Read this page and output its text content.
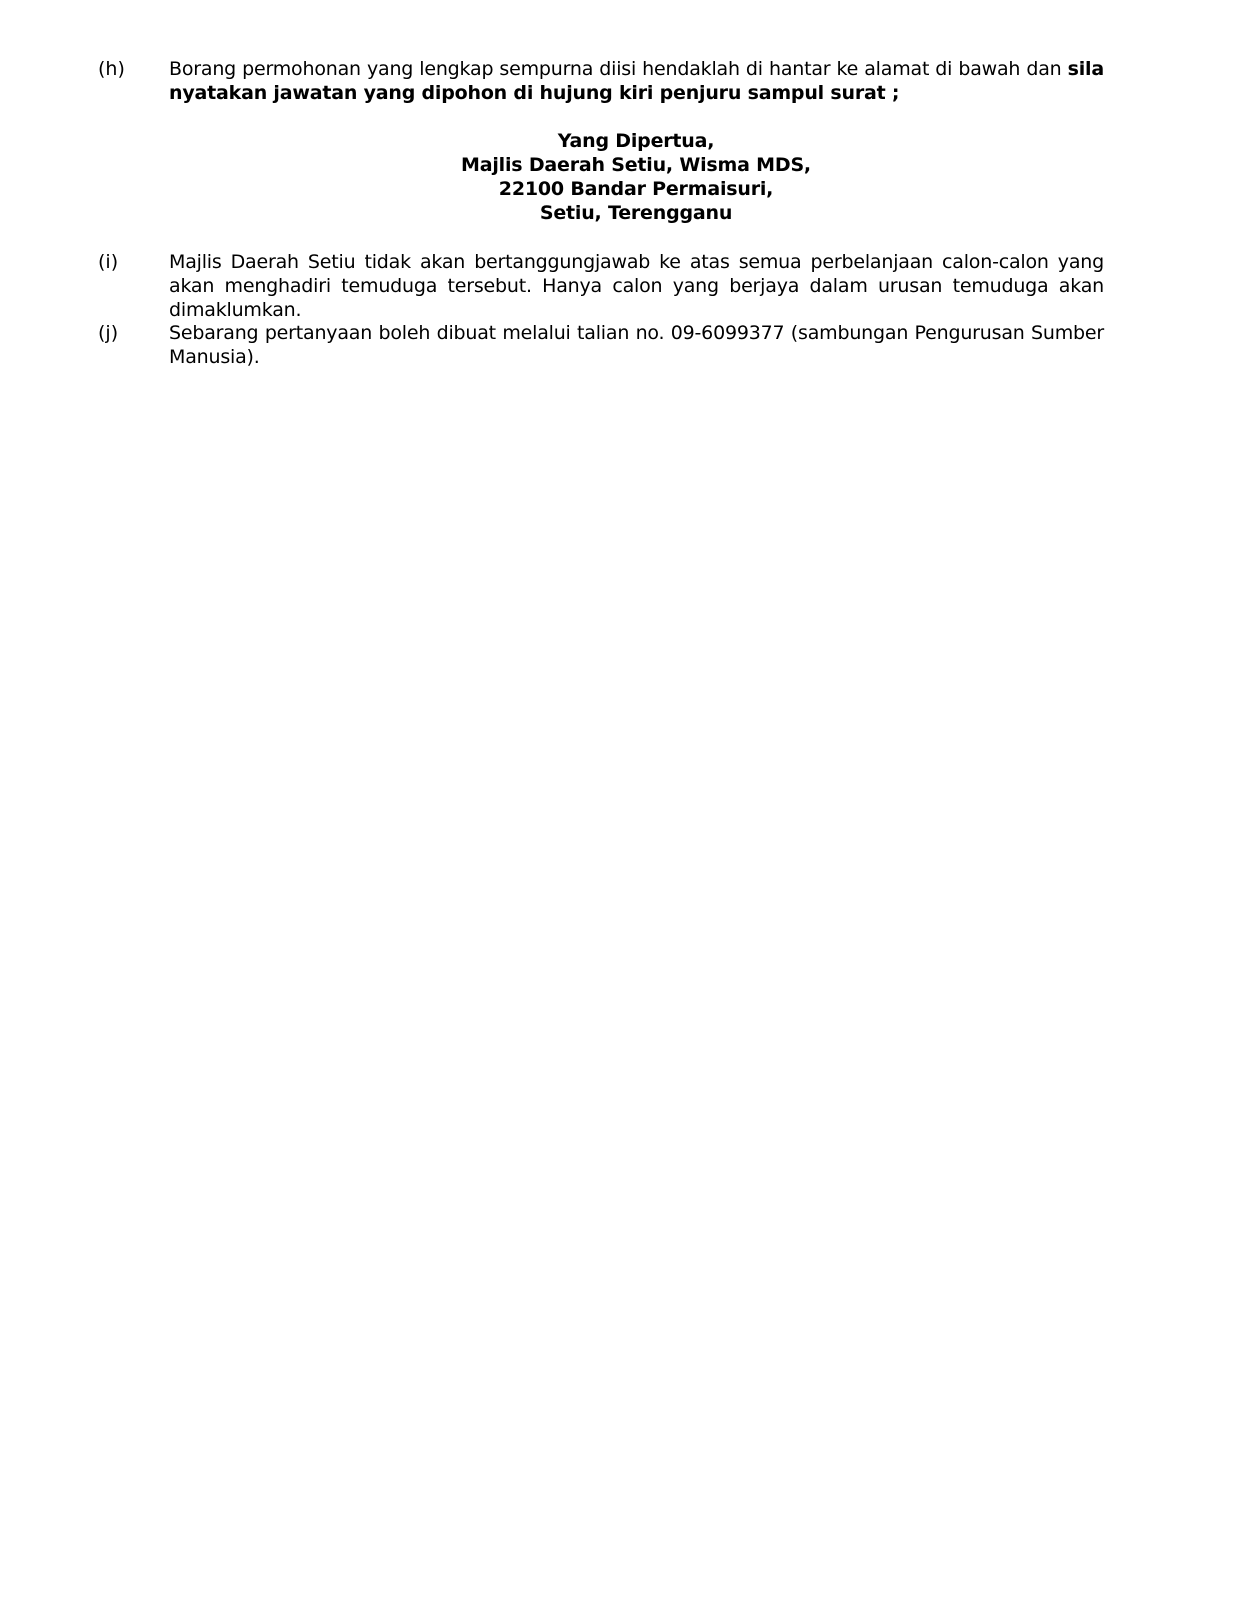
(h)	Borang permohonan yang lengkap sempurna diisi hendaklah di hantar ke alamat di bawah dan sila nyatakan jawatan yang dipohon di hujung kiri penjuru sampul surat ;
Yang Dipertua,
Majlis Daerah Setiu, Wisma MDS,
22100 Bandar Permaisuri,
Setiu, Terengganu
(i)	Majlis Daerah Setiu tidak akan bertanggungjawab ke atas semua perbelanjaan calon-calon yang akan menghadiri temuduga tersebut. Hanya calon yang berjaya dalam urusan temuduga akan dimaklumkan.
(j)	Sebarang pertanyaan boleh dibuat melalui talian no. 09-6099377 (sambungan Pengurusan Sumber Manusia).
